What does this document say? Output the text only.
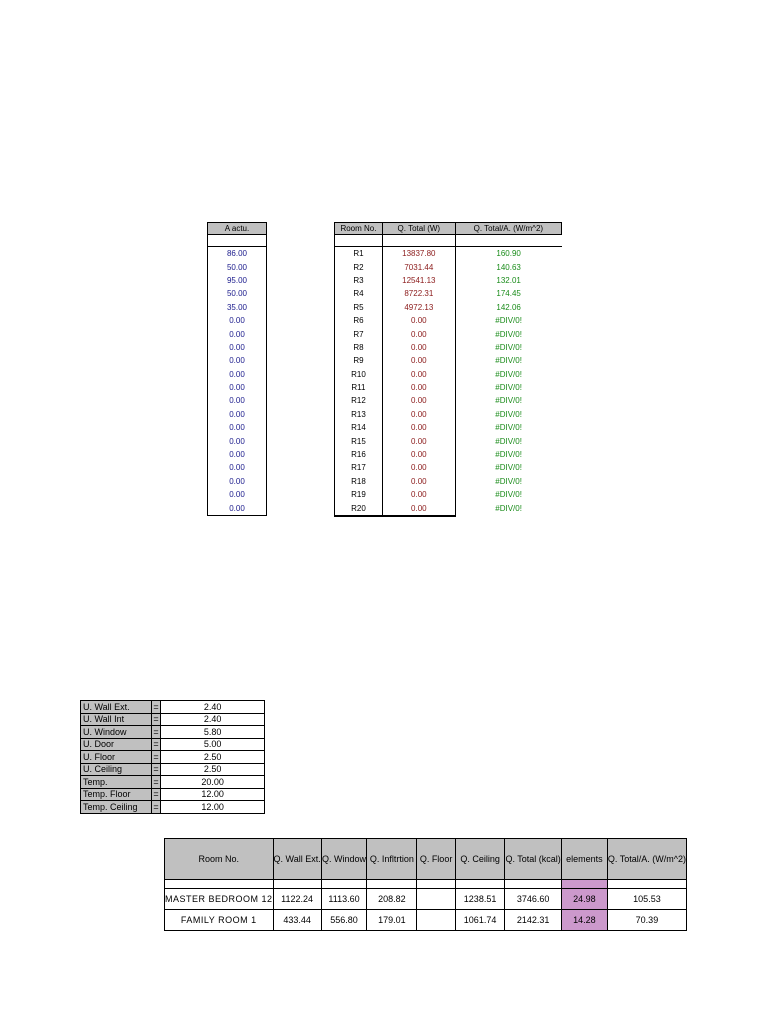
A actu.

86.00
50.00
95.00
50.00
35.00
0.00
0.00
0.00
0.00
0.00
0.00
0.00
0.00
0.00
0.00
0.00
0.00
0.00
0.00
0.00
Room No.	Q. Total (W)	Q. Total/A. (W/m^2)

R1	13837.80	160.90
R2	7031.44	140.63
R3	12541.13	132.01
R4	8722.31	174.45
R5	4972.13	142.06
R6	0.00	#DIV/0!
R7	0.00	#DIV/0!
R8	0.00	#DIV/0!
R9	0.00	#DIV/0!
R10	0.00	#DIV/0!
R11	0.00	#DIV/0!
R12	0.00	#DIV/0!
R13	0.00	#DIV/0!
R14	0.00	#DIV/0!
R15	0.00	#DIV/0!
R16	0.00	#DIV/0!
R17	0.00	#DIV/0!
R18	0.00	#DIV/0!
R19	0.00	#DIV/0!
R20	0.00	#DIV/0!
U. Wall Ext.	=	2.40
U. Wall Int	=	2.40
U. Window	=	5.80
U. Door	=	5.00
U. Floor	=	2.50
U. Ceiling	=	2.50
Temp.	=	20.00
Temp. Floor	=	12.00
Temp. Ceiling	=	12.00
Room No.	Q. Wall Ext.	Q. Window	Q. Infltrtion	Q. Floor	Q. Ceiling	Q. Total (kcal)	elements	Q. Total/A. (W/m^2)

MASTER BEDROOM 12	1122.24	1113.60	208.82		1238.51	3746.60	24.98	105.53
FAMILY ROOM 1	433.44	556.80	179.01		1061.74	2142.31	14.28	70.39
